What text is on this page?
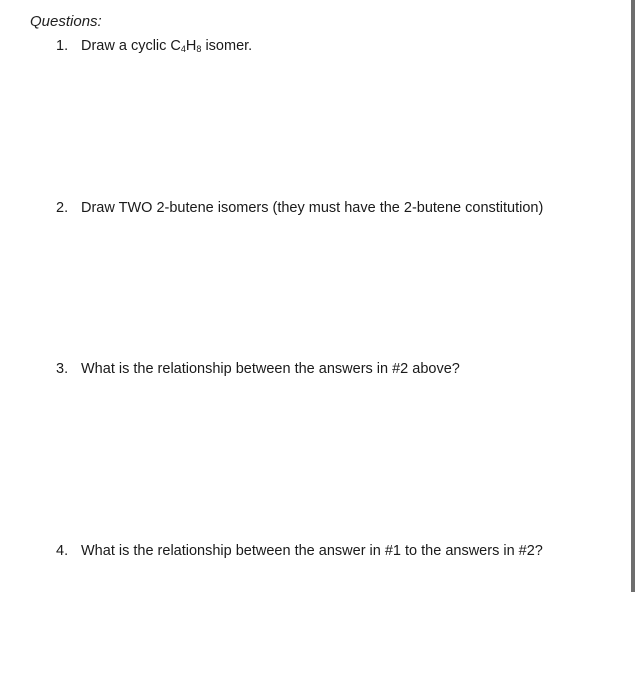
Questions:
1. Draw a cyclic $C_4H_8$ isomer.
2. Draw TWO 2-butene isomers (they must have the 2-butene constitution)
3. What is the relationship between the answers in #2 above?
4. What is the relationship between the answer in #1 to the answers in #2?
